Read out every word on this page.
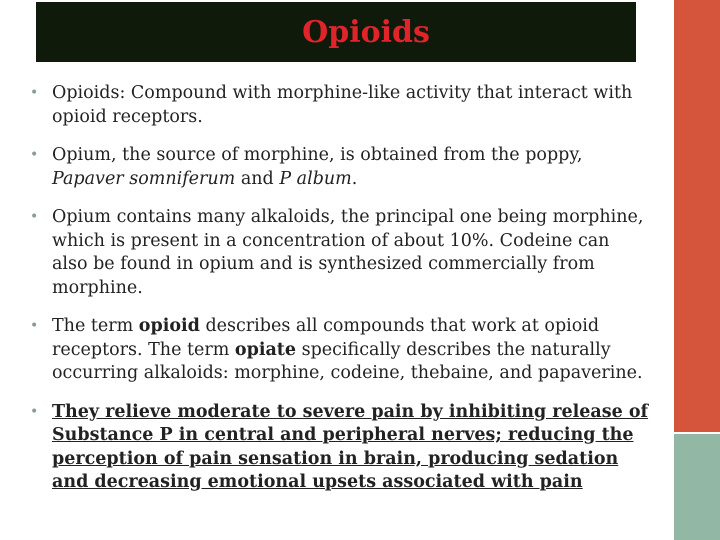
Opioids
• Opioids: Compound with morphine-like activity that interact with opioid receptors.
• Opium, the source of morphine, is obtained from the poppy, Papaver somniferum and P album.
• Opium contains many alkaloids, the principal one being morphine, which is present in a concentration of about 10%. Codeine can also be found in opium and is synthesized commercially from morphine.
• The term opioid describes all compounds that work at opioid receptors. The term opiate specifically describes the naturally occurring alkaloids: morphine, codeine, thebaine, and papaverine.
• They relieve moderate to severe pain by inhibiting release of Substance P in central and peripheral nerves; reducing the perception of pain sensation in brain, producing sedation and decreasing emotional upsets associated with pain
